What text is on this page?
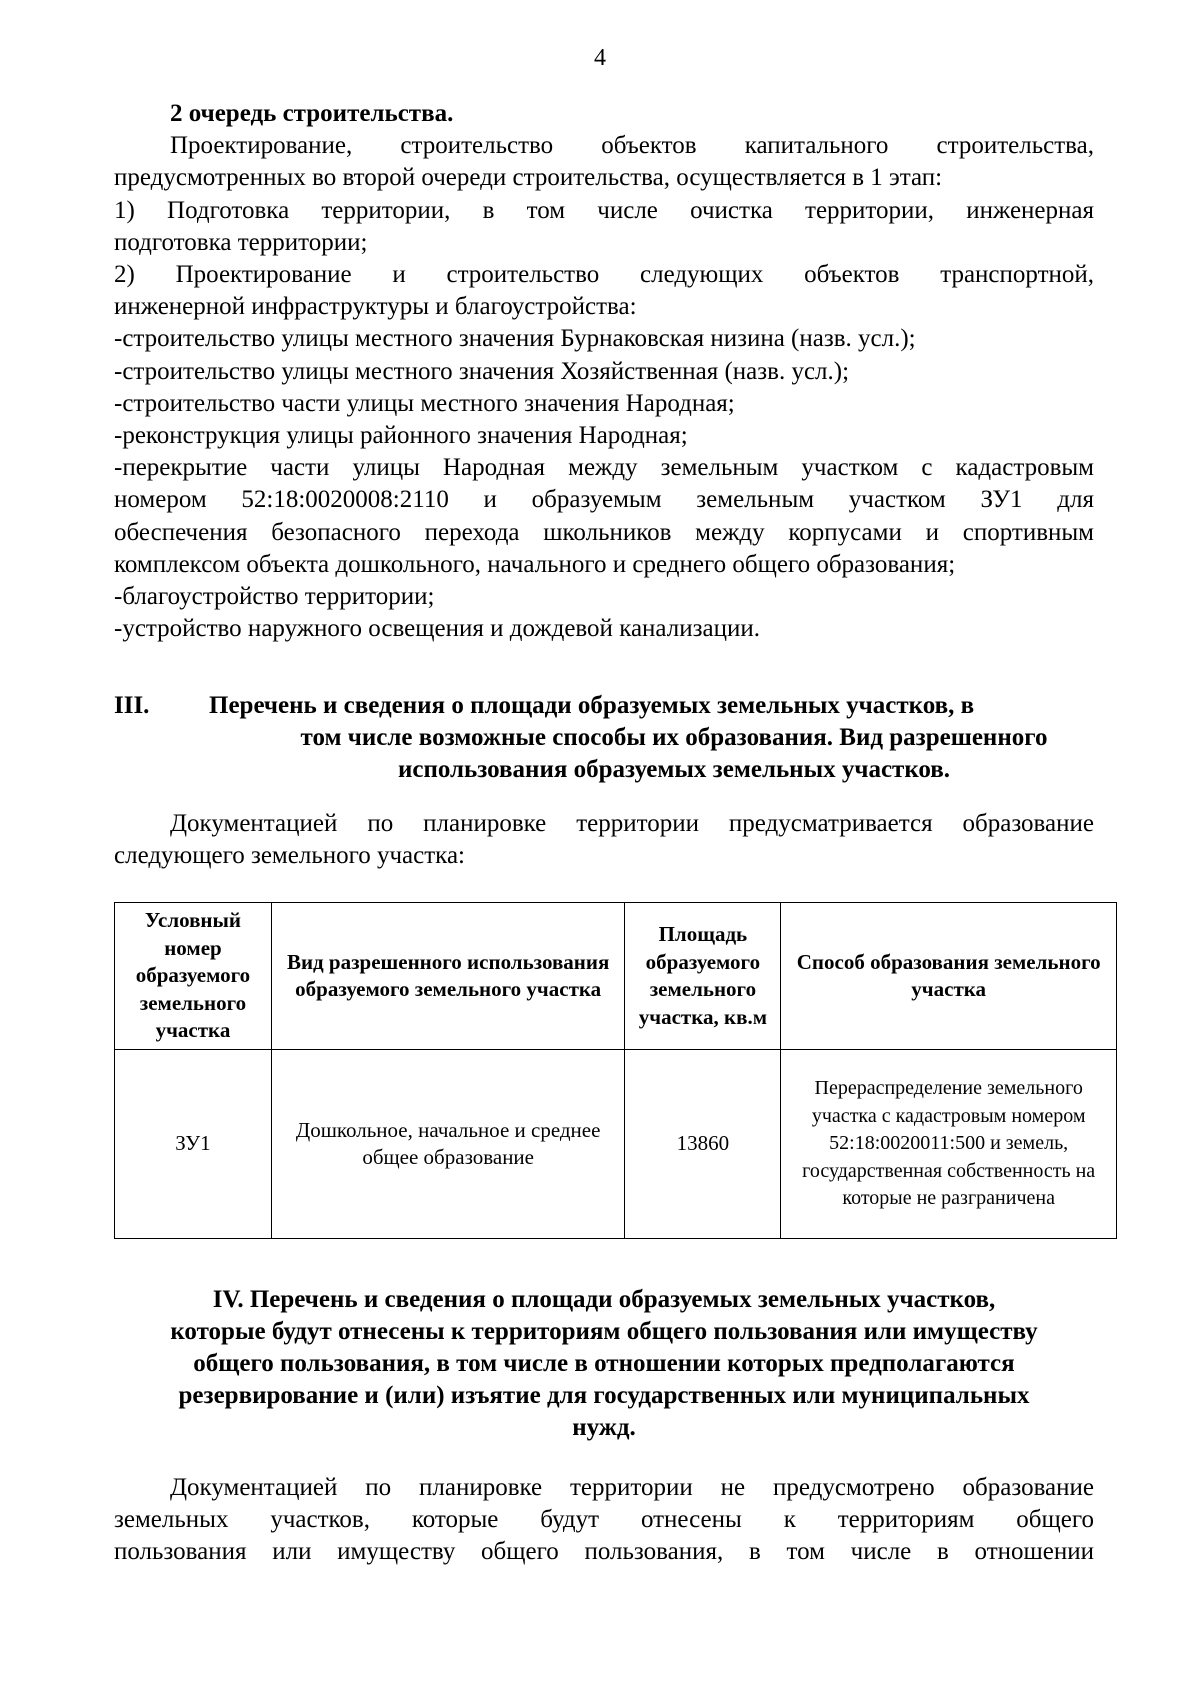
4

2 очередь строительства.

Проектирование, строительство объектов капитального строительства,

предусмотренных во второй очереди строительства, осуществляется в 1 этап:

1) Подготовка территории, в том числе очистка территории, инженерная

подготовка территории;

2) Проектирование и строительство следующих объектов транспортной,

инженерной инфраструктуры и благоустройства:

-строительство улицы местного значения Бурнаковская низина (назв. усл.);

-строительство улицы местного значения Хозяйственная (назв. усл.);

-строительство части улицы местного значения Народная;

-реконструкция улицы районного значения Народная;

-перекрытие части улицы Народная между земельным участком с кадастровым

номером 52:18:0020008:2110 и образуемым земельным участком ЗУ1 для

обеспечения безопасного перехода школьников между корпусами и спортивным

комплексом объекта дошкольного, начального и среднего общего образования;

-благоустройство территории;

-устройство наружного освещения и дождевой канализации.

III.	Перечень и сведения о площади образуемых земельных участков, в
том числе возможные способы их образования. Вид разрешенного
использования образуемых земельных участков.

Документацией по планировке территории предусматривается образование

следующего земельного участка:

Условный номер образуемого земельного участка	Вид разрешенного использования образуемого земельного участка	Площадь образуемого земельного участка, кв.м	Способ образования земельного участка
ЗУ1	Дошкольное, начальное и среднее общее образование	13860	Перераспределение земельного участка с кадастровым номером 52:18:0020011:500 и земель, государственная собственность на которые не разграничена
IV. Перечень и сведения о площади образуемых земельных участков,
которые будут отнесены к территориям общего пользования или имуществу
общего пользования, в том числе в отношении которых предполагаются
резервирование и (или) изъятие для государственных или муниципальных
нужд.

Документацией по планировке территории не предусмотрено образование

земельных участков, которые будут отнесены к территориям общего

пользования или имуществу общего пользования, в том числе в отношении
